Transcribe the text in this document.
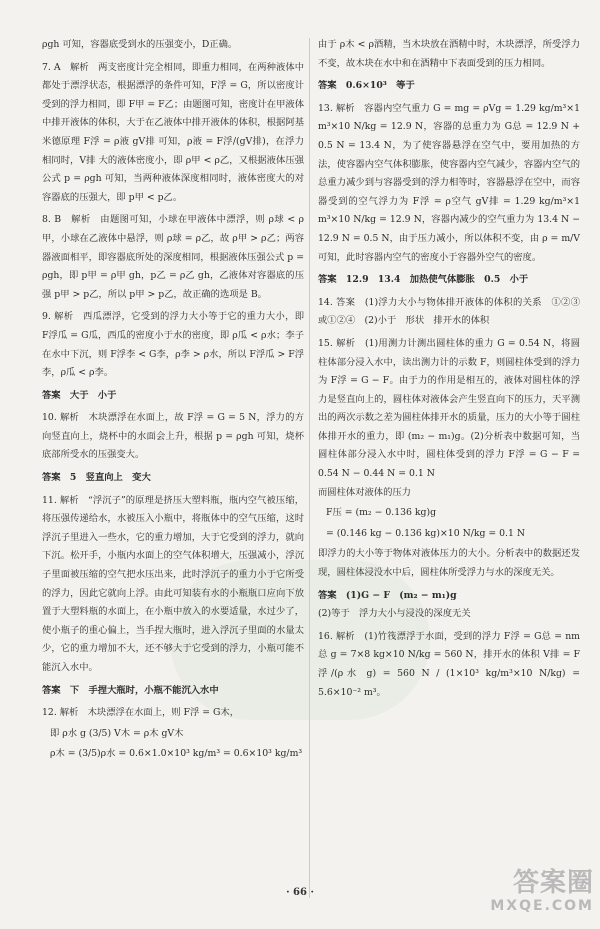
ρgh 可知，容器底受到水的压强变小，D正确。

7. A　解析　两支密度计完全相同，即重力相同，在两种液体中都处于漂浮状态，根据漂浮的条件可知，F浮 = G，所以密度计受到的浮力相同，即 F甲 = F乙；由题图可知，密度计在甲液体中排开液体的体积，大于在乙液体中排开液体的体积，根据阿基米德原理 F浮 = ρ液 gV排 可知，ρ液 = F浮/(gV排)，在浮力相同时，V排 大的液体密度小，即 ρ甲 < ρ乙，又根据液体压强公式 p = ρgh 可知，当两种液体深度相同时，液体密度大的对容器底的压强大，即 p甲 < p乙。

8. B　解析　由题图可知，小球在甲液体中漂浮，则 ρ球 < ρ甲，小球在乙液体中悬浮，则 ρ球 = ρ乙，故 ρ甲 > ρ乙；两容器液面相平，即容器底所处的深度相同，根据液体压强公式 p = ρgh，即 p甲 = ρ甲 gh，p乙 = ρ乙 gh，乙液体对容器底的压强 p甲 > p乙，所以 p甲 > p乙，故正确的选项是 B。

9. 解析　西瓜漂浮，它受到的浮力大小等于它的重力大小，即 F浮瓜 = G瓜，西瓜的密度小于水的密度，即 ρ瓜 < ρ水；李子在水中下沉，则 F浮李 < G李，ρ李 > ρ水，所以 F浮瓜 > F浮李，ρ瓜 < ρ李。

答案　大于　小于

10. 解析　木块漂浮在水面上，故 F浮 = G = 5 N，浮力的方向竖直向上，烧杯中的水面会上升，根据 p = ρgh 可知，烧杯底部所受水的压强变大。

答案　5　竖直向上　变大

11. 解析　“浮沉子”的原理是挤压大塑料瓶，瓶内空气被压缩，将压强传递给水，水被压入小瓶中，将瓶体中的空气压缩，这时浮沉子里进入一些水，它的重力增加，大于它受到的浮力，就向下沉。松开手，小瓶内水面上的空气体积增大，压强减小，浮沉子里面被压缩的空气把水压出来，此时浮沉子的重力小于它所受的浮力，因此它就向上浮。由此可知装有水的小瓶瓶口应向下放置于大塑料瓶的水面上，在小瓶中放入的水要适量，水过少了，使小瓶子的重心偏上，当手捏大瓶时，进入浮沉子里面的水量太少，它的重力增加不大，还不够大于它受到的浮力，小瓶可能不能沉入水中。

答案　下　手捏大瓶时，小瓶不能沉入水中

12. 解析　木块漂浮在水面上，则 F浮 = G木，

即 ρ水 g (3/5) V木 = ρ木 gV木

ρ木 = (3/5)ρ水 = 0.6×1.0×10³ kg/m³ = 0.6×10³ kg/m³

由于 ρ木 < ρ酒精，当木块放在酒精中时，木块漂浮，所受浮力不变，故木块在水中和在酒精中下表面受到的压力相同。

答案　0.6×10³　等于

13. 解析　容器内空气重力 G = mg = ρVg = 1.29 kg/m³×1 m³×10 N/kg = 12.9 N，容器的总重力为 G总 = 12.9 N + 0.5 N = 13.4 N，为了使容器悬浮在空气中，要用加热的方法，使容器内空气体积膨胀，使容器内空气减少，容器内空气的总重力减少到与容器受到的浮力相等时，容器悬浮在空中，而容器受到的空气浮力为 F浮 = ρ空气 gV排 = 1.29 kg/m³×1 m³×10 N/kg = 12.9 N，容器内减少的空气重力为 13.4 N − 12.9 N = 0.5 N，由于压力减小，所以体积不变，由 ρ = m/V 可知，此时容器内空气的密度小于容器外空气的密度。

答案　12.9　13.4　加热使气体膨胀　0.5　小于

14. 答案　(1)浮力大小与物体排开液体的体积的关系　①②③或①②④　(2)小于　形状　排开水的体积

15. 解析　(1)用测力计测出圆柱体的重力 G = 0.54 N，将圆柱体部分浸入水中，读出测力计的示数 F，则圆柱体受到的浮力为 F浮 = G − F。由于力的作用是相互的，液体对圆柱体的浮力是竖直向上的，圆柱体对液体会产生竖直向下的压力，天平测出的两次示数之差为圆柱体排开水的质量，压力的大小等于圆柱体排开水的重力，即 (m₂ − m₁)g。(2)分析表中数据可知，当圆柱体部分浸入水中时，圆柱体受到的浮力 F浮 = G − F = 0.54 N − 0.44 N = 0.1 N

而圆柱体对液体的压力

F压 = (m₂ − 0.136 kg)g

= (0.146 kg − 0.136 kg)×10 N/kg = 0.1 N

即浮力的大小等于物体对液体压力的大小。分析表中的数据还发现，圆柱体浸没水中后，圆柱体所受浮力与水的深度无关。

答案　(1)G − F　(m₂ − m₁)g

(2)等于　浮力大小与浸没的深度无关

16. 解析　(1)竹筏漂浮于水面，受到的浮力 F浮 = G总 = nm总 g = 7×8 kg×10 N/kg = 560 N，排开水的体积 V排 = F浮/(ρ水 g) = 560 N / (1×10³ kg/m³×10 N/kg) = 5.6×10⁻² m³。

· 66 ·	答案圈
MXQE.COM
